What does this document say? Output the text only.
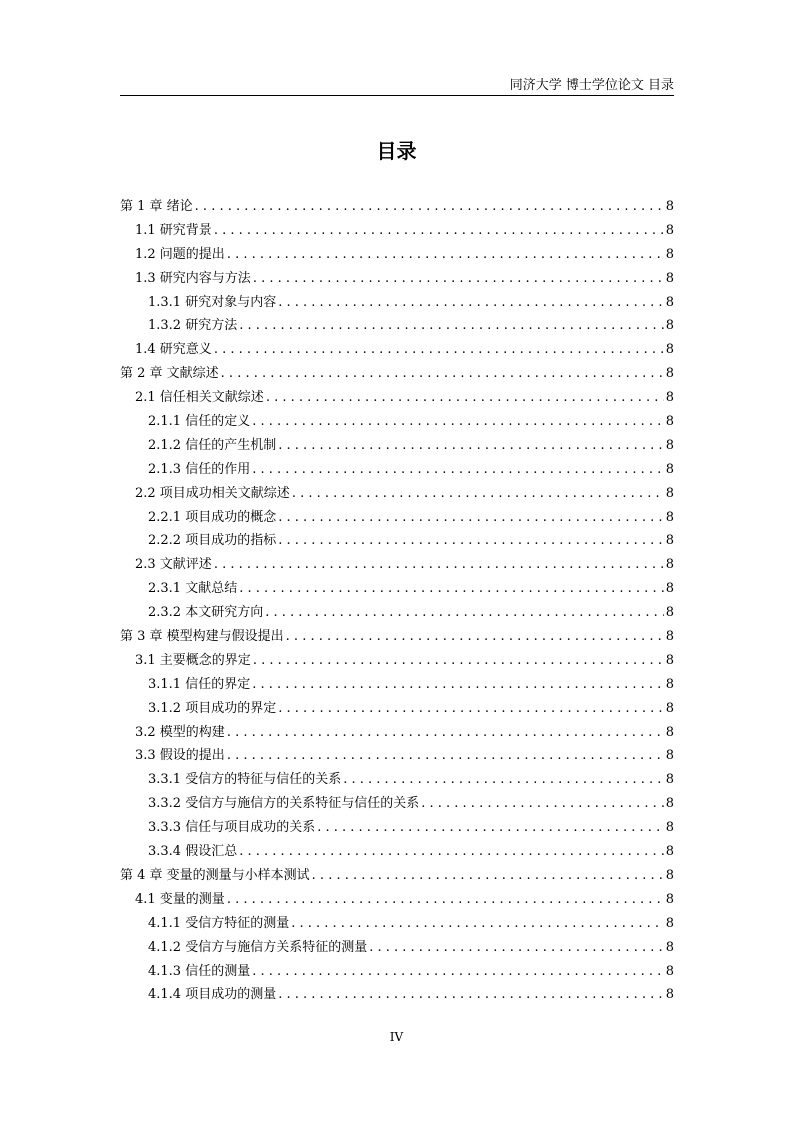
同济大学 博士学位论文 目录
目录
第 1 章 绪论 . . .	8
1.1 研究背景 . . .	8
1.2 问题的提出 . . .	8
1.3 研究内容与方法 . . .	8
1.3.1 研究对象与内容 . . .	8
1.3.2 研究方法 . . .	8
1.4 研究意义 . . .	8
第 2 章 文献综述 . . .	8
2.1 信任相关文献综述 . . .	8
2.1.1 信任的定义 . . .	8
2.1.2 信任的产生机制 . . .	8
2.1.3 信任的作用 . . .	8
2.2 项目成功相关文献综述 . . .	8
2.2.1 项目成功的概念 . . .	8
2.2.2 项目成功的指标 . . .	8
2.3 文献评述 . . .	8
2.3.1 文献总结 . . .	8
2.3.2 本文研究方向 . . .	8
第 3 章 模型构建与假设提出 . . .	8
3.1 主要概念的界定 . . .	8
3.1.1 信任的界定 . . .	8
3.1.2 项目成功的界定 . . .	8
3.2 模型的构建 . . .	8
3.3 假设的提出 . . .	8
3.3.1 受信方的特征与信任的关系 . . .	8
3.3.2 受信方与施信方的关系特征与信任的关系 . . .	8
3.3.3 信任与项目成功的关系 . . .	8
3.3.4 假设汇总 . . .	8
第 4 章 变量的测量与小样本测试 . . .	8
4.1 变量的测量 . . .	8
4.1.1 受信方特征的测量 . . .	8
4.1.2 受信方与施信方关系特征的测量 . . .	8
4.1.3 信任的测量 . . .	8
4.1.4 项目成功的测量 . . .	8
IV
